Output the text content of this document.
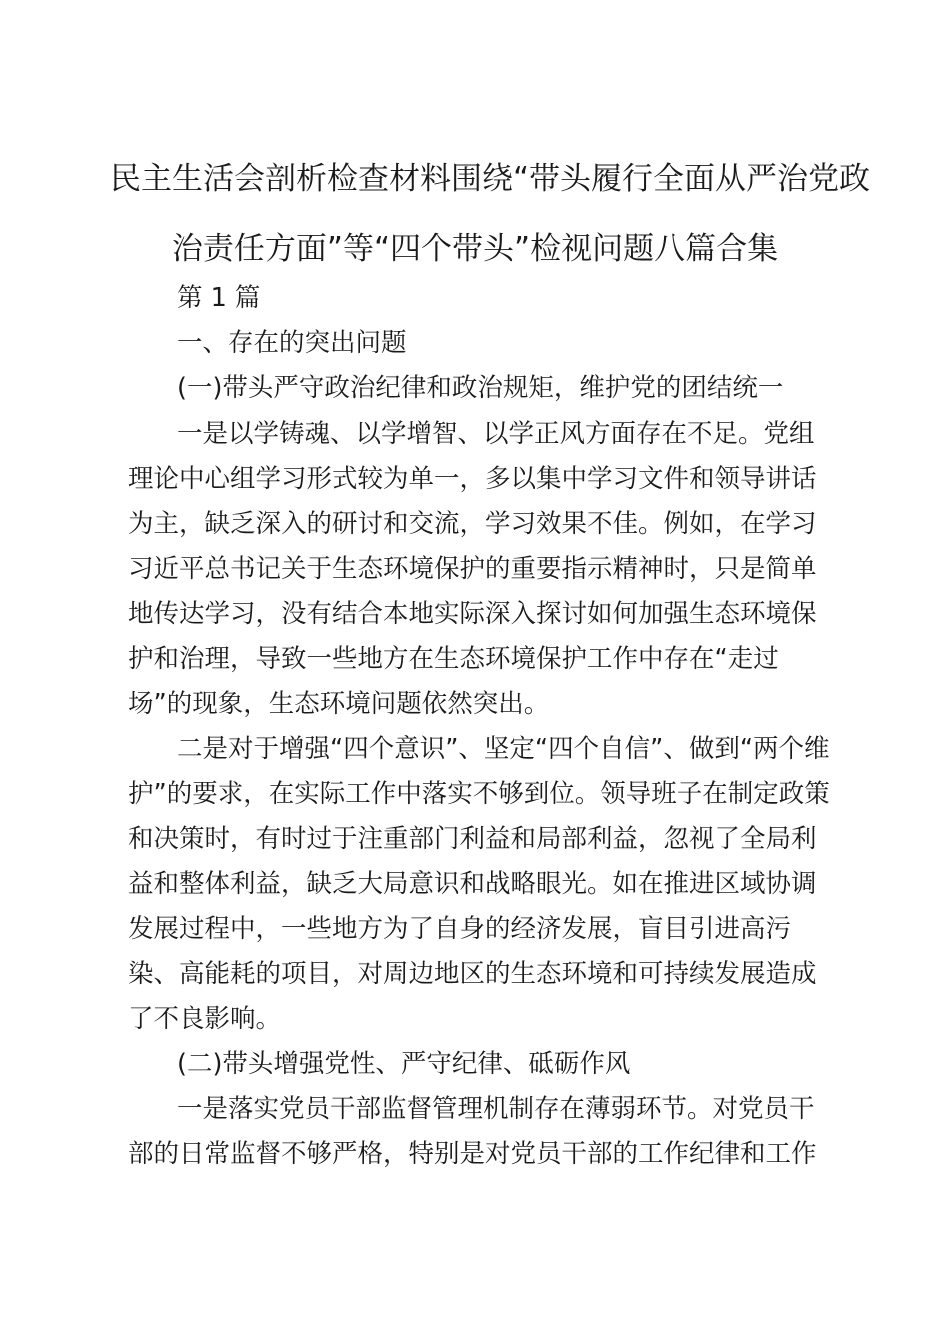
民主生活会剖析检查材料围绕“带头履行全面从严治党政
治责任方面”等“四个带头”检视问题八篇合集
第 1 篇
一、存在的突出问题
(一)带头严守政治纪律和政治规矩，维护党的团结统一
一是以学铸魂、以学增智、以学正风方面存在不足。党组
理论中心组学习形式较为单一，多以集中学习文件和领导讲话
为主，缺乏深入的研讨和交流，学习效果不佳。例如，在学习
习近平总书记关于生态环境保护的重要指示精神时，只是简单
地传达学习，没有结合本地实际深入探讨如何加强生态环境保
护和治理，导致一些地方在生态环境保护工作中存在“走过
场”的现象，生态环境问题依然突出。
二是对于增强“四个意识”、坚定“四个自信”、做到“两个维
护”的要求，在实际工作中落实不够到位。领导班子在制定政策
和决策时，有时过于注重部门利益和局部利益，忽视了全局利
益和整体利益，缺乏大局意识和战略眼光。如在推进区域协调
发展过程中，一些地方为了自身的经济发展，盲目引进高污
染、高能耗的项目，对周边地区的生态环境和可持续发展造成
了不良影响。
(二)带头增强党性、严守纪律、砥砺作风
一是落实党员干部监督管理机制存在薄弱环节。对党员干
部的日常监督不够严格，特别是对党员干部的工作纪律和工作
